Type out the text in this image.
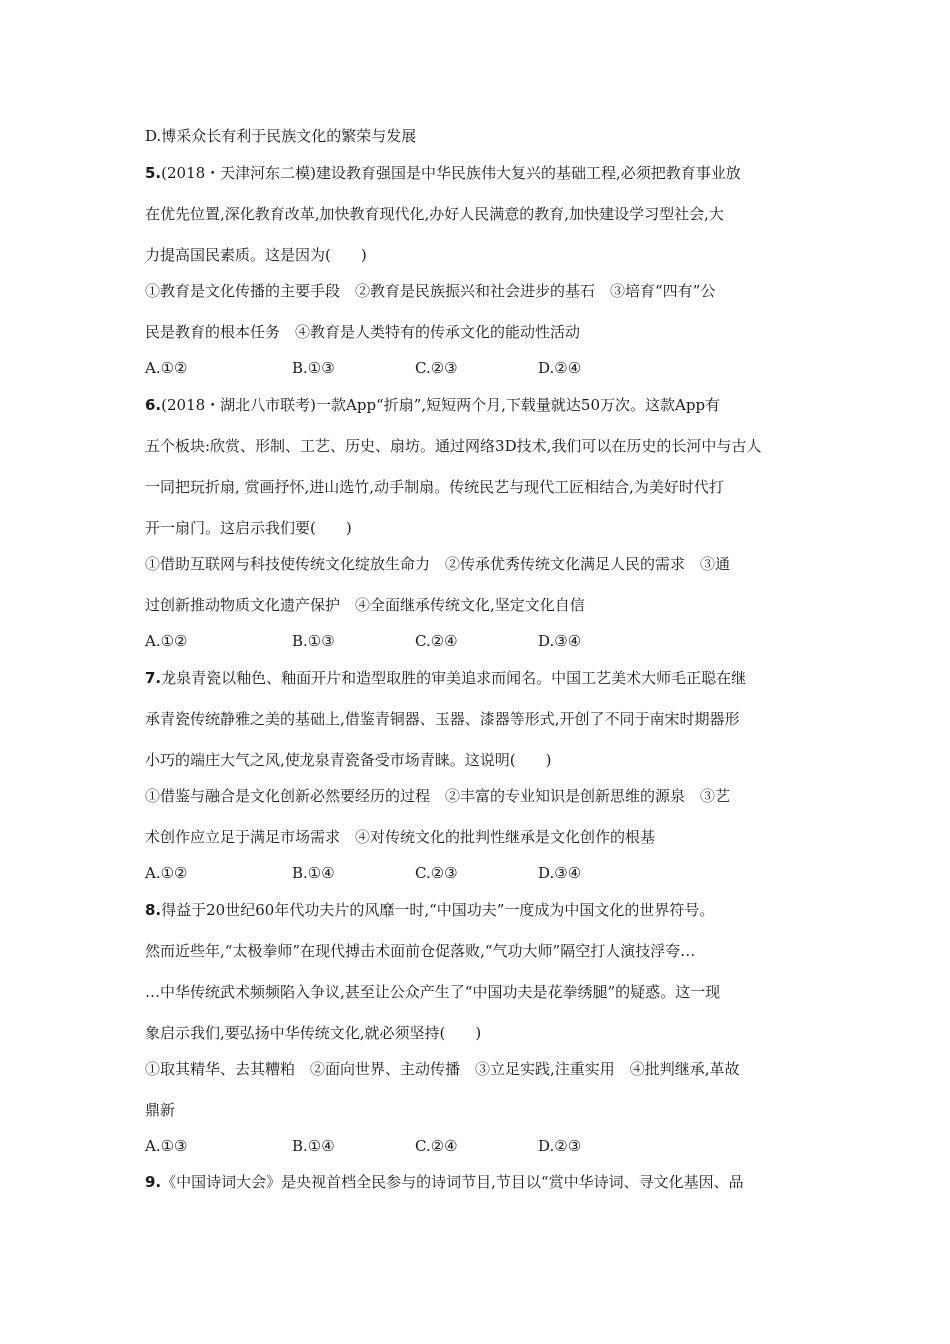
D.博采众长有利于民族文化的繁荣与发展
5.(2018・天津河东二模)建设教育强国是中华民族伟大复兴的基础工程,必须把教育事业放
在优先位置,深化教育改革,加快教育现代化,办好人民满意的教育,加快建设学习型社会,大
力提高国民素质。这是因为(　　)
①教育是文化传播的主要手段　②教育是民族振兴和社会进步的基石　③培育“四有”公
民是教育的根本任务　④教育是人类特有的传承文化的能动性活动
A.①②	B.①③	C.②③	D.②④
6.(2018・湖北八市联考)一款App“折扇”,短短两个月,下载量就达50万次。这款App有
五个板块:欣赏、形制、工艺、历史、扇坊。通过网络3D技术,我们可以在历史的长河中与古人
一同把玩折扇, 赏画抒怀,进山选竹,动手制扇。传统民艺与现代工匠相结合,为美好时代打
开一扇门。这启示我们要(　　)
①借助互联网与科技使传统文化绽放生命力　②传承优秀传统文化满足人民的需求　③通
过创新推动物质文化遗产保护　④全面继承传统文化,坚定文化自信
A.①②	B.①③	C.②④	D.③④
7.龙泉青瓷以釉色、釉面开片和造型取胜的审美追求而闻名。中国工艺美术大师毛正聪在继
承青瓷传统静雅之美的基础上,借鉴青铜器、玉器、漆器等形式,开创了不同于南宋时期器形
小巧的端庄大气之风,使龙泉青瓷备受市场青睐。这说明(　　)
①借鉴与融合是文化创新必然要经历的过程　②丰富的专业知识是创新思维的源泉　③艺
术创作应立足于满足市场需求　④对传统文化的批判性继承是文化创作的根基
A.①②	B.①④	C.②③	D.③④
8.得益于20世纪60年代功夫片的风靡一时,“中国功夫”一度成为中国文化的世界符号。
然而近些年,“太极拳师”在现代搏击术面前仓促落败,“气功大师”隔空打人演技浮夸…
…中华传统武术频频陷入争议,甚至让公众产生了“中国功夫是花拳绣腿”的疑惑。这一现
象启示我们,要弘扬中华传统文化,就必须坚持(　　)
①取其精华、去其糟粕　②面向世界、主动传播　③立足实践,注重实用　④批判继承,革故
鼎新
A.①③	B.①④	C.②④	D.②③
9.《中国诗词大会》是央视首档全民参与的诗词节目,节目以“赏中华诗词、寻文化基因、品
